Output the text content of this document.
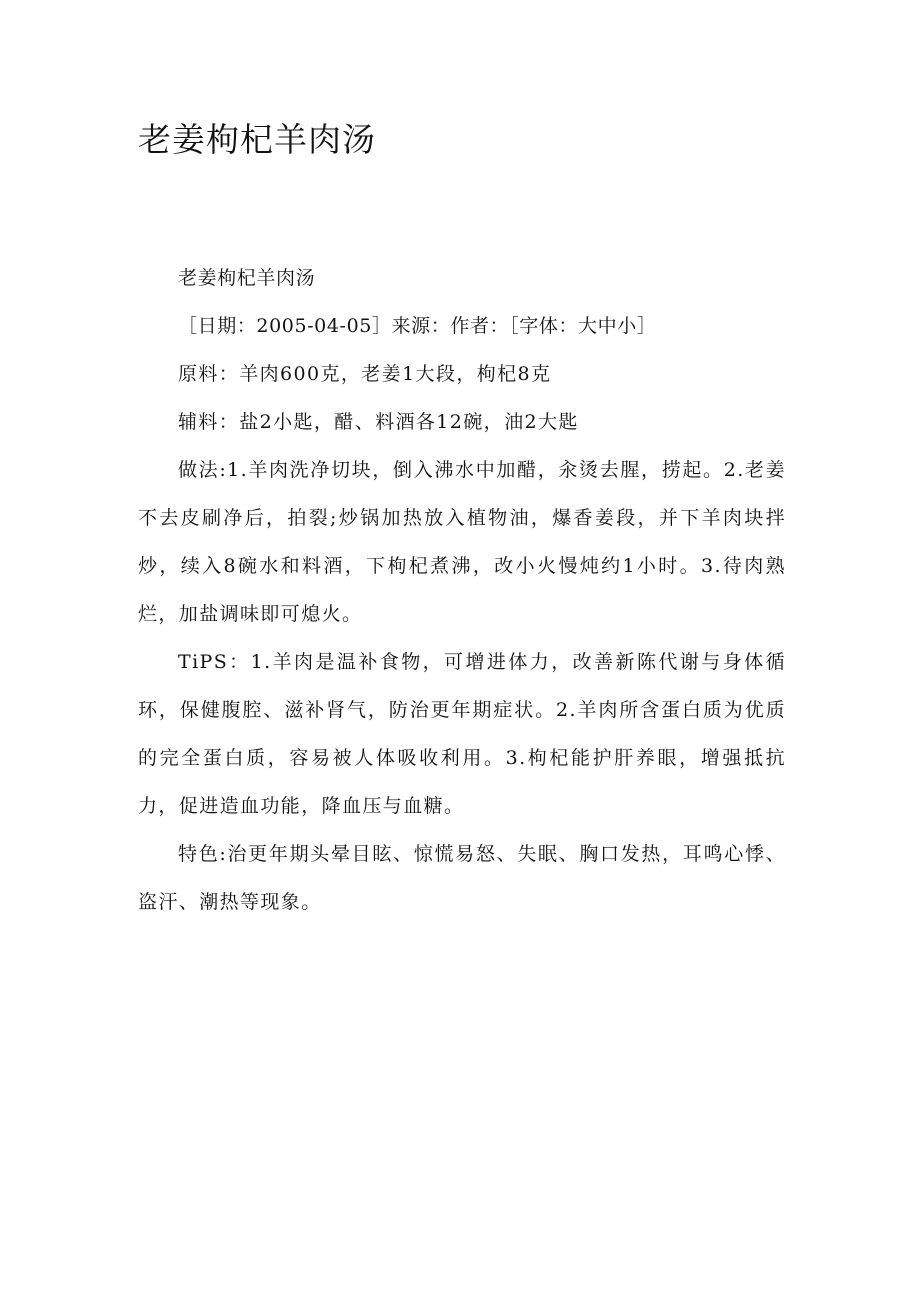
老姜枸杞羊肉汤

老姜枸杞羊肉汤

［日期：2005-04-05］来源：作者：［字体：大中小］

原料：羊肉600克，老姜1大段，枸杞8克

辅料：盐2小匙，醋、料酒各12碗，油2大匙

做法:1.羊肉洗净切块，倒入沸水中加醋，汆烫去腥，捞起。2.老姜不去皮刷净后，拍裂;炒锅加热放入植物油，爆香姜段，并下羊肉块拌炒，续入8碗水和料酒，下枸杞煮沸，改小火慢炖约1小时。3.待肉熟烂，加盐调味即可熄火。

TiPS：1.羊肉是温补食物，可增进体力，改善新陈代谢与身体循环，保健腹腔、滋补肾气，防治更年期症状。2.羊肉所含蛋白质为优质的完全蛋白质，容易被人体吸收利用。3.枸杞能护肝养眼，增强抵抗力，促进造血功能，降血压与血糖。

特色:治更年期头晕目眩、惊慌易怒、失眠、胸口发热，耳鸣心悸、盗汗、潮热等现象。
